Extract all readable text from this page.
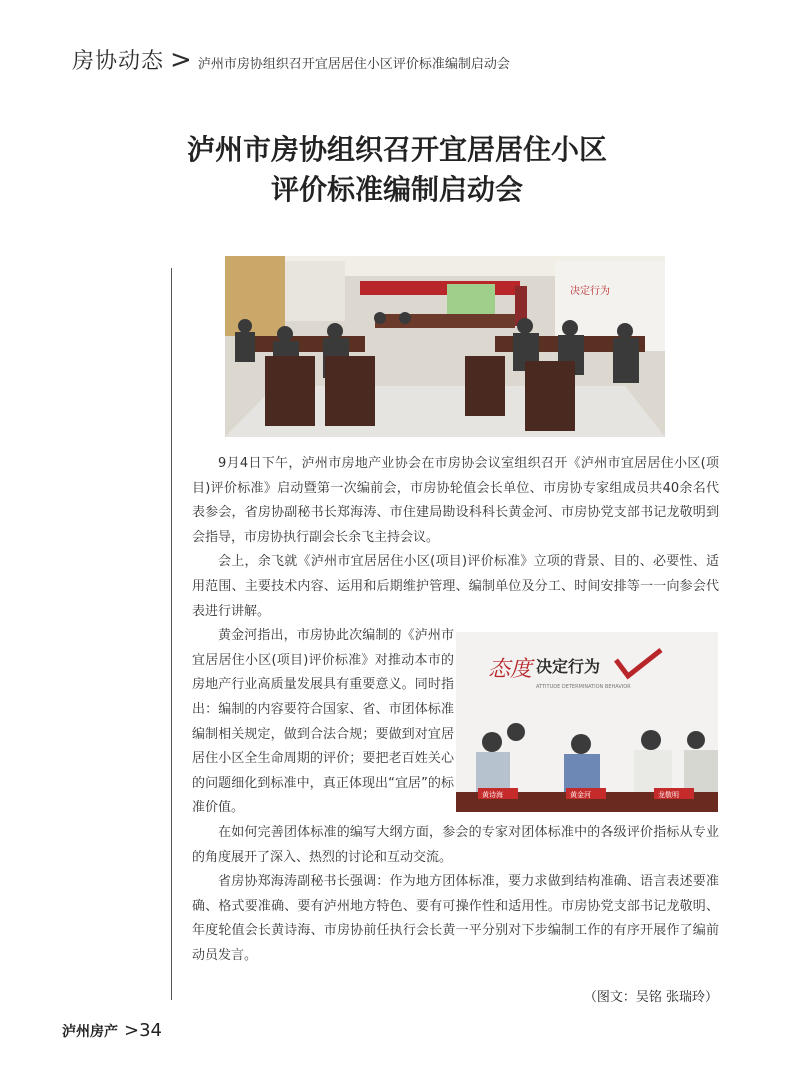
房协动态 > 泸州市房协组织召开宜居居住小区评价标准编制启动会
泸州市房协组织召开宜居居住小区
评价标准编制启动会
决定行为
态度 决定行为
ATTITUDE DETERMINATION BEHAVIOR
黄诗海	黄金河	龙敬明

9月4日下午，泸州市房地产业协会在市房协会议室组织召开《泸州市宜居居住小区(项目)评价标准》启动暨第一次编前会，市房协轮值会长单位、市房协专家组成员共40余名代表参会，省房协副秘书长郑海涛、市住建局勘设科科长黄金河、市房协党支部书记龙敬明到会指导，市房协执行副会长余飞主持会议。

会上，余飞就《泸州市宜居居住小区(项目)评价标准》立项的背景、目的、必要性、适用范围、主要技术内容、运用和后期维护管理、编制单位及分工、时间安排等一一向参会代表进行讲解。

黄金河指出，市房协此次编制的《泸州市宜居居住小区(项目)评价标准》对推动本市的房地产行业高质量发展具有重要意义。同时指出：编制的内容要符合国家、省、市团体标准编制相关规定，做到合法合规；要做到对宜居居住小区全生命周期的评价；要把老百姓关心的问题细化到标准中，真正体现出“宜居”的标准价值。

在如何完善团体标准的编写大纲方面，参会的专家对团体标准中的各级评价指标从专业的角度展开了深入、热烈的讨论和互动交流。

省房协郑海涛副秘书长强调：作为地方团体标准，要力求做到结构准确、语言表述要准确、格式要准确、要有泸州地方特色、要有可操作性和适用性。市房协党支部书记龙敬明、年度轮值会长黄诗海、市房协前任执行会长黄一平分别对下步编制工作的有序开展作了编前动员发言。

（图文：吴铭 张瑞玲）
泸州房产 >34
